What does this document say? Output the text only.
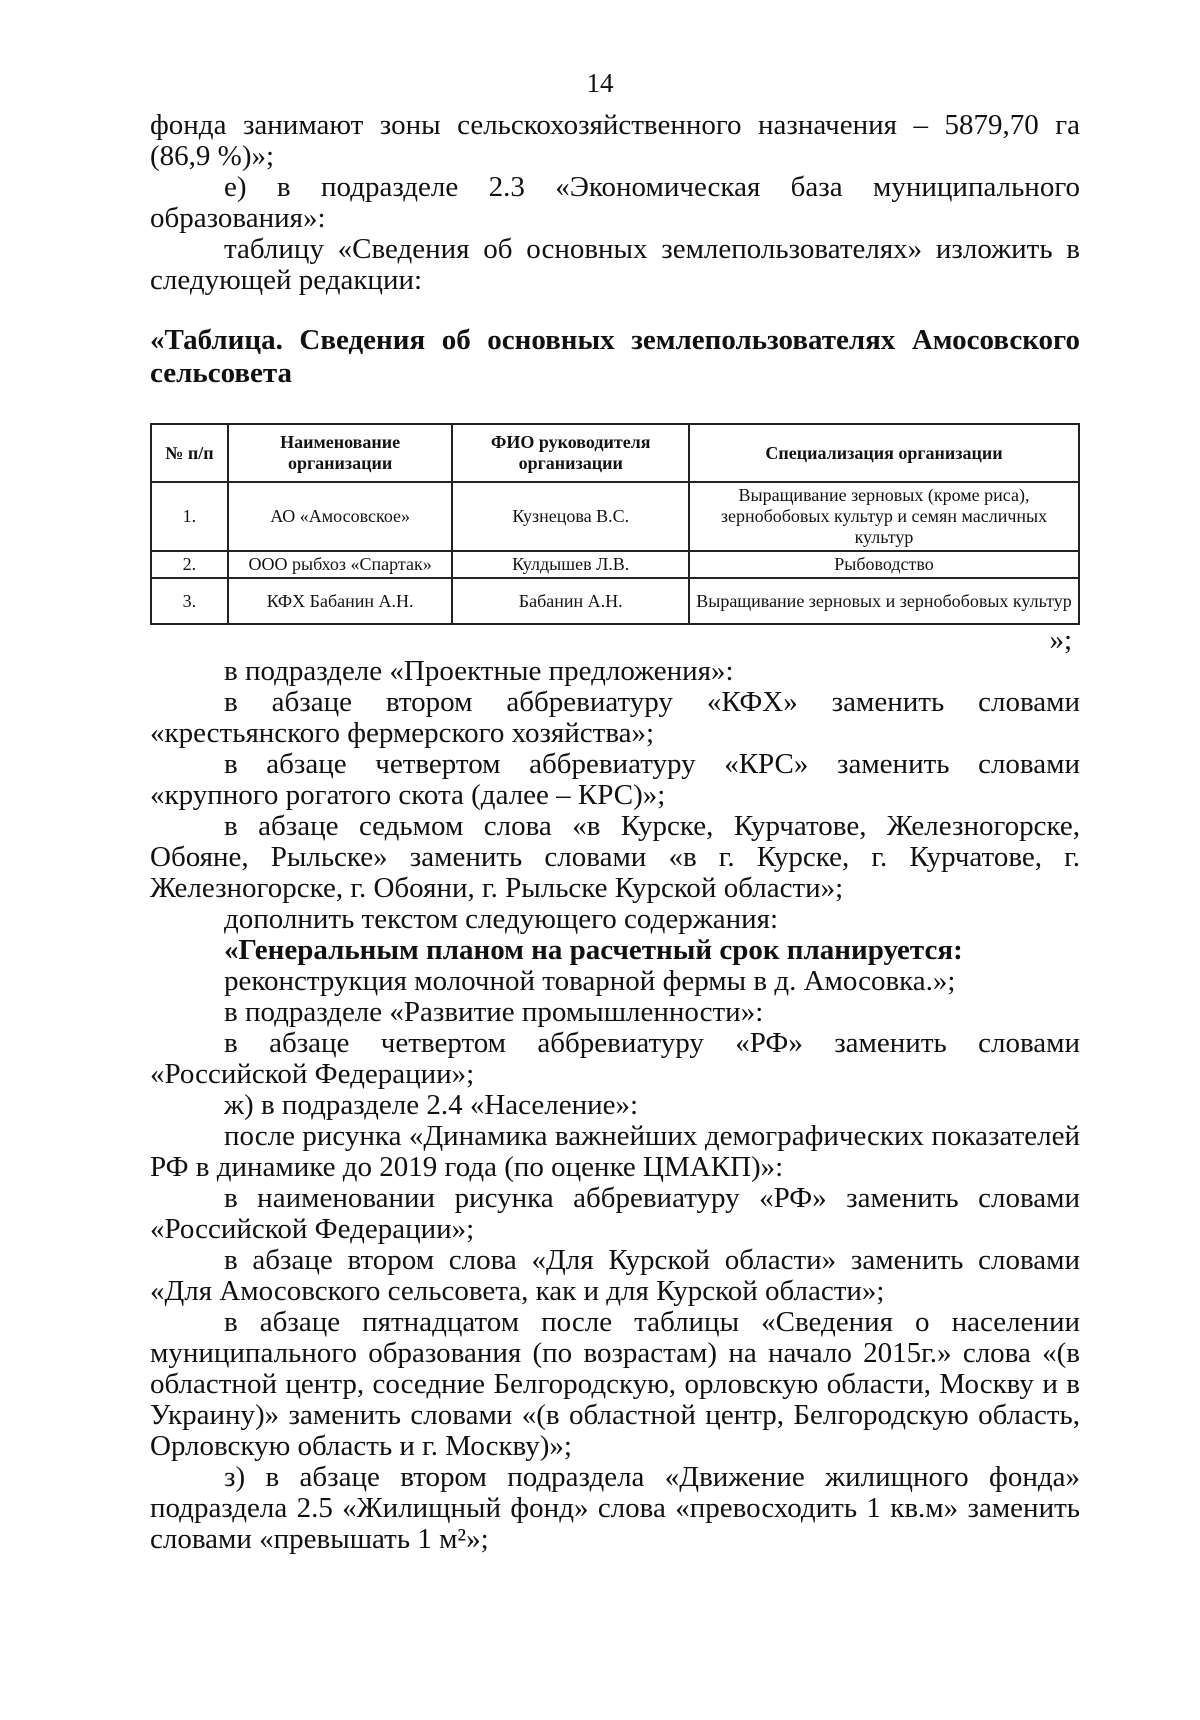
14

фонда занимают зоны сельскохозяйственного назначения – 5879,70 га (86,9 %)»;

е) в подразделе 2.3 «Экономическая база муниципального образования»:

таблицу «Сведения об основных землепользователях» изложить в следующей редакции:

«Таблица. Сведения об основных землепользователях Амосовского сельсовета

№ п/п	Наименование организации	ФИО руководителя организации	Специализация организации
1.	АО «Амосовское»	Кузнецова В.С.	Выращивание зерновых (кроме риса), зернобобовых культур и семян масличных культур
2.	ООО рыбхоз «Спартак»	Кулдышев Л.В.	Рыбоводство
3.	КФХ Бабанин А.Н.	Бабанин А.Н.	Выращивание зерновых и зернобобовых культур

»;

в подразделе «Проектные предложения»:

в абзаце втором аббревиатуру «КФХ» заменить словами «крестьянского фермерского хозяйства»;

в абзаце четвертом аббревиатуру «КРС» заменить словами «крупного рогатого скота (далее – КРС)»;

в абзаце седьмом слова «в Курске, Курчатове, Железногорске, Обояне, Рыльске» заменить словами «в г. Курске, г. Курчатове, г. Железногорске, г. Обояни, г. Рыльске Курской области»;

дополнить текстом следующего содержания:

«Генеральным планом на расчетный срок планируется:

реконструкция молочной товарной фермы в д. Амосовка.»;

в подразделе «Развитие промышленности»:

в абзаце четвертом аббревиатуру «РФ» заменить словами «Российской Федерации»;

ж) в подразделе 2.4 «Население»:

после рисунка «Динамика важнейших демографических показателей РФ в динамике до 2019 года (по оценке ЦМАКП)»:

в наименовании рисунка аббревиатуру «РФ» заменить словами «Российской Федерации»;

в абзаце втором слова «Для Курской области» заменить словами «Для Амосовского сельсовета, как и для Курской области»;

в абзаце пятнадцатом после таблицы «Сведения о населении муниципального образования (по возрастам) на начало 2015г.» слова «(в областной центр, соседние Белгородскую, орловскую области, Москву и в Украину)» заменить словами «(в областной центр, Белгородскую область, Орловскую область и г. Москву)»;

з) в абзаце втором подраздела «Движение жилищного фонда» подраздела 2.5 «Жилищный фонд» слова «превосходить 1 кв.м» заменить словами «превышать 1 м²»;
